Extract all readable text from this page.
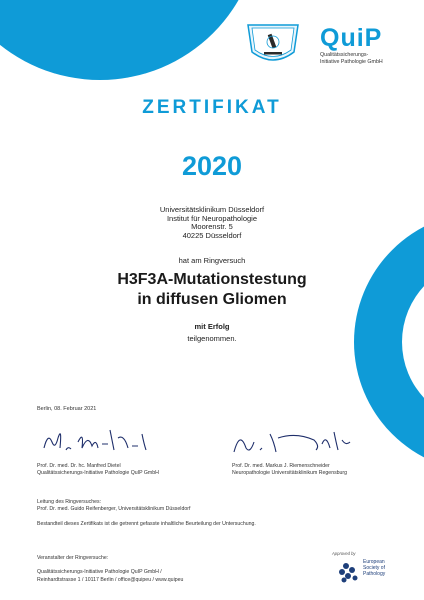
QuiP
Qualitätssicherungs-
Initiative Pathologie GmbH
ZERTIFIKAT
2020
Universitätsklinikum Düsseldorf
Institut für Neuropathologie
Moorenstr. 5
40225 Düsseldorf
hat am Ringversuch
H3F3A-Mutationstestung
in diffusen Gliomen
mit Erfolg
teilgenommen.
Berlin, 08. Februar 2021
Prof. Dr. med. Dr. hc. Manfred Dietel
Qualitätssicherungs-Initiative Pathologie QuIP GmbH
Prof. Dr. med. Markus J. Riemenschneider
Neuropathologie Universitätsklinikum Regensburg
Leitung des Ringversuches:
Prof. Dr. med. Guido Reifenberger, Universitätsklinikum Düsseldorf
Bestandteil dieses Zertifikats ist die getrennt gefasste inhaltliche Beurteilung der Untersuchung.
Veranstalter der Ringversuche:
Qualitätssicherungs-Initiative Pathologie QuIP GmbH /
Reinhardtstrasse 1 / 10117 Berlin / office@quipeu / www.quipeu
Approved by
European
Society of
Pathology
